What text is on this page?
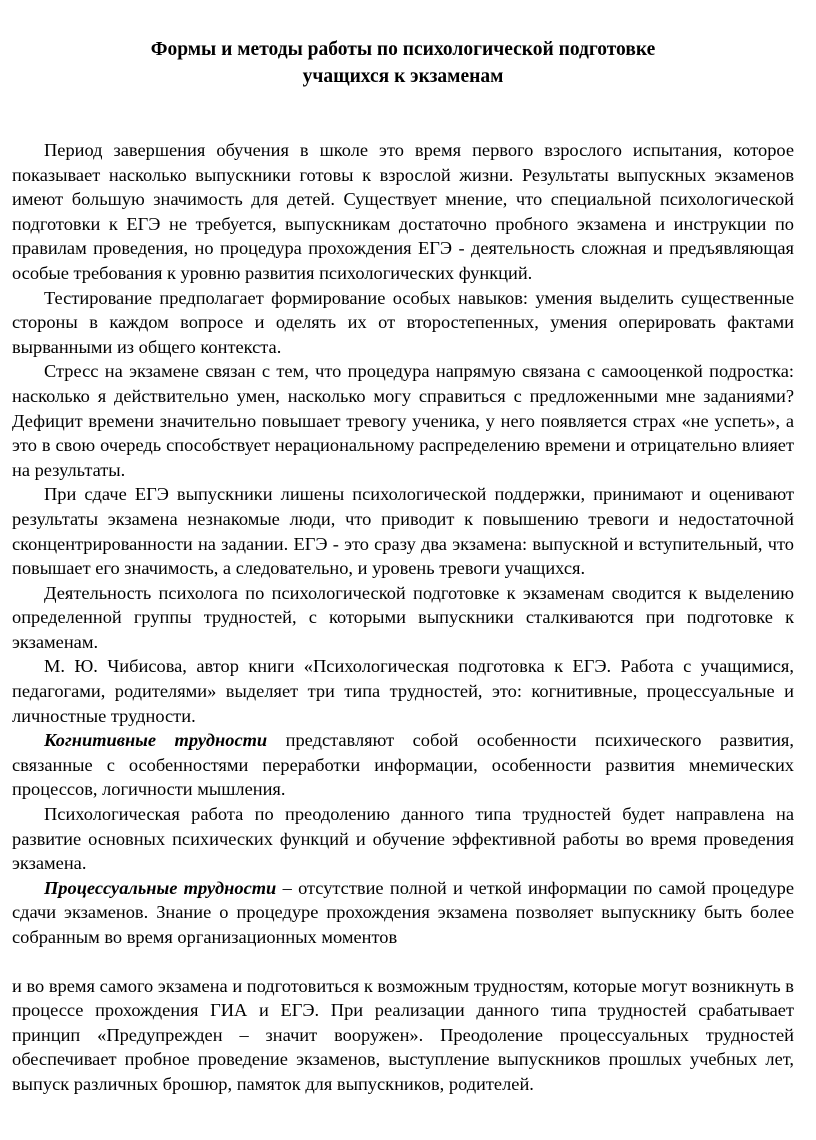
Формы и методы работы по психологической подготовке
учащихся к экзаменам

Период завершения обучения в школе это время первого взрослого испытания, которое показывает насколько выпускники готовы к взрослой жизни. Результаты выпускных экзаменов имеют большую значимость для детей. Существует мнение, что специальной психологической подготовки к ЕГЭ не требуется, выпускникам достаточно пробного экзамена и инструкции по правилам проведения, но процедура прохождения ЕГЭ - деятельность сложная и предъявляющая особые требования к уровню развития психологических функций.

Тестирование предполагает формирование особых навыков: умения выделить существенные стороны в каждом вопросе и оделять их от второстепенных, умения оперировать фактами вырванными из общего контекста.

Стресс на экзамене связан с тем, что процедура напрямую связана с самооценкой подростка: насколько я действительно умен, насколько могу справиться с предложенными мне заданиями? Дефицит времени значительно повышает тревогу ученика, у него появляется страх «не успеть», а это в свою очередь способствует нерациональному распределению времени и отрицательно влияет на результаты.

При сдаче ЕГЭ выпускники лишены психологической поддержки, принимают и оценивают результаты экзамена незнакомые люди, что приводит к повышению тревоги и недостаточной сконцентрированности на задании. ЕГЭ - это сразу два экзамена: выпускной и вступительный, что повышает его значимость, а следовательно, и уровень тревоги учащихся.

Деятельность психолога по психологической подготовке к экзаменам сводится к выделению определенной группы трудностей, с которыми выпускники сталкиваются при подготовке к экзаменам.

М. Ю. Чибисова, автор книги «Психологическая подготовка к ЕГЭ. Работа с учащимися, педагогами, родителями» выделяет три типа трудностей, это: когнитивные, процессуальные и личностные трудности.

Когнитивные трудности представляют собой особенности психического развития, связанные с особенностями переработки информации, особенности развития мнемических процессов, логичности мышления.

Психологическая работа по преодолению данного типа трудностей будет направлена на развитие основных психических функций и обучение эффективной работы во время проведения экзамена.

Процессуальные трудности – отсутствие полной и четкой информации по самой процедуре сдачи экзаменов. Знание о процедуре прохождения экзамена позволяет выпускнику быть более собранным во время организационных моментов

и во время самого экзамена и подготовиться к возможным трудностям, которые могут возникнуть в процессе прохождения ГИА и ЕГЭ. При реализации данного типа трудностей срабатывает принцип «Предупрежден – значит вооружен». Преодоление процессуальных трудностей обеспечивает пробное проведение экзаменов, выступление выпускников прошлых учебных лет, выпуск различных брошюр, памяток для выпускников, родителей.
